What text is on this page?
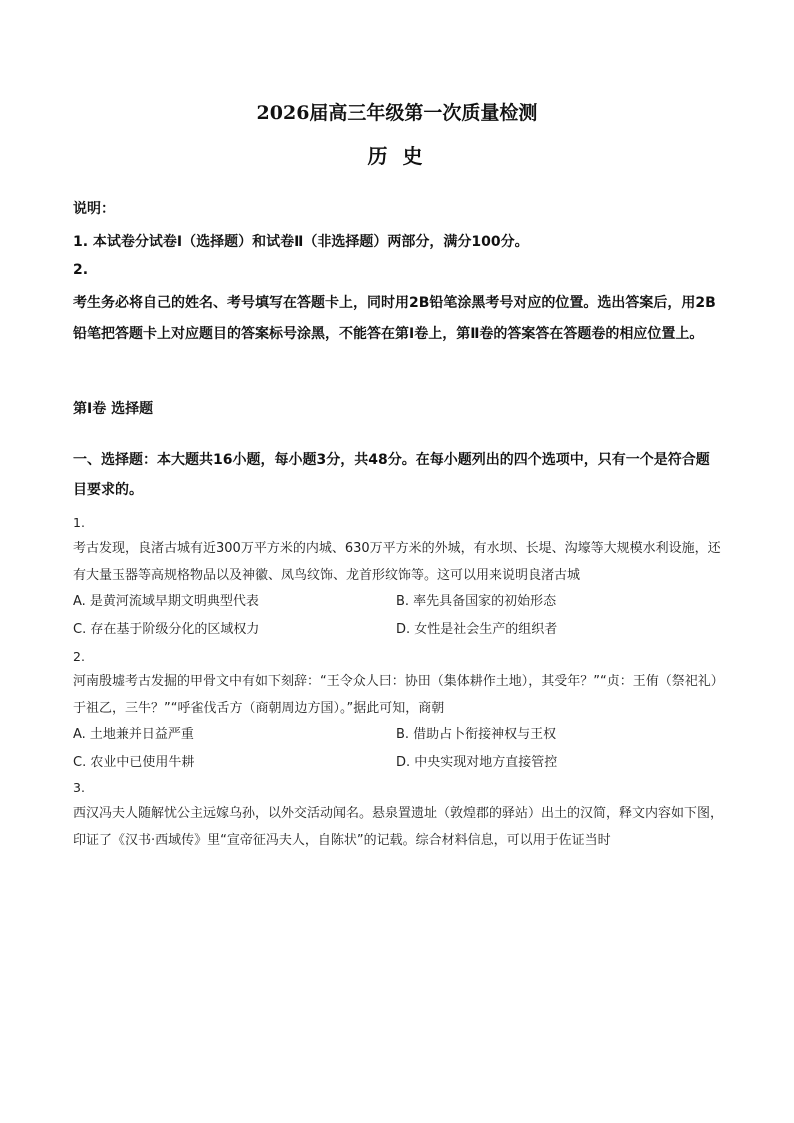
2026届高三年级第一次质量检测
历 史
说明：
1. 本试卷分试卷Ⅰ（选择题）和试卷Ⅱ（非选择题）两部分，满分100分。
2.
考生务必将自己的姓名、考号填写在答题卡上，同时用2B铅笔涂黑考号对应的位置。选出答案后，用2B铅笔把答题卡上对应题目的答案标号涂黑，不能答在第Ⅰ卷上，第Ⅱ卷的答案答在答题卷的相应位置上。
第Ⅰ卷 选择题
一、选择题：本大题共16小题，每小题3分，共48分。在每小题列出的四个选项中，只有一个是符合题目要求的。
1.
考古发现，良渚古城有近300万平方米的内城、630万平方米的外城，有水坝、长堤、沟壕等大规模水利设施，还有大量玉器等高规格物品以及神徽、凤鸟纹饰、龙首形纹饰等。这可以用来说明良渚古城
A. 是黄河流域早期文明典型代表	B. 率先具备国家的初始形态
C. 存在基于阶级分化的区域权力	D. 女性是社会生产的组织者
2.
河南殷墟考古发掘的甲骨文中有如下刻辞：“王令众人曰：协田（集体耕作土地），其受年？”“贞：王侑（祭祀礼）于祖乙，三牛？”“呼雀伐舌方（商朝周边方国）。”据此可知，商朝
A. 土地兼并日益严重	B. 借助占卜衔接神权与王权
C. 农业中已使用牛耕	D. 中央实现对地方直接管控
3.
西汉冯夫人随解忧公主远嫁乌孙，以外交活动闻名。悬泉置遗址（敦煌郡的驿站）出土的汉简，释文内容如下图，印证了《汉书·西域传》里“宣帝征冯夫人，自陈状”的记载。综合材料信息，可以用于佐证当时
